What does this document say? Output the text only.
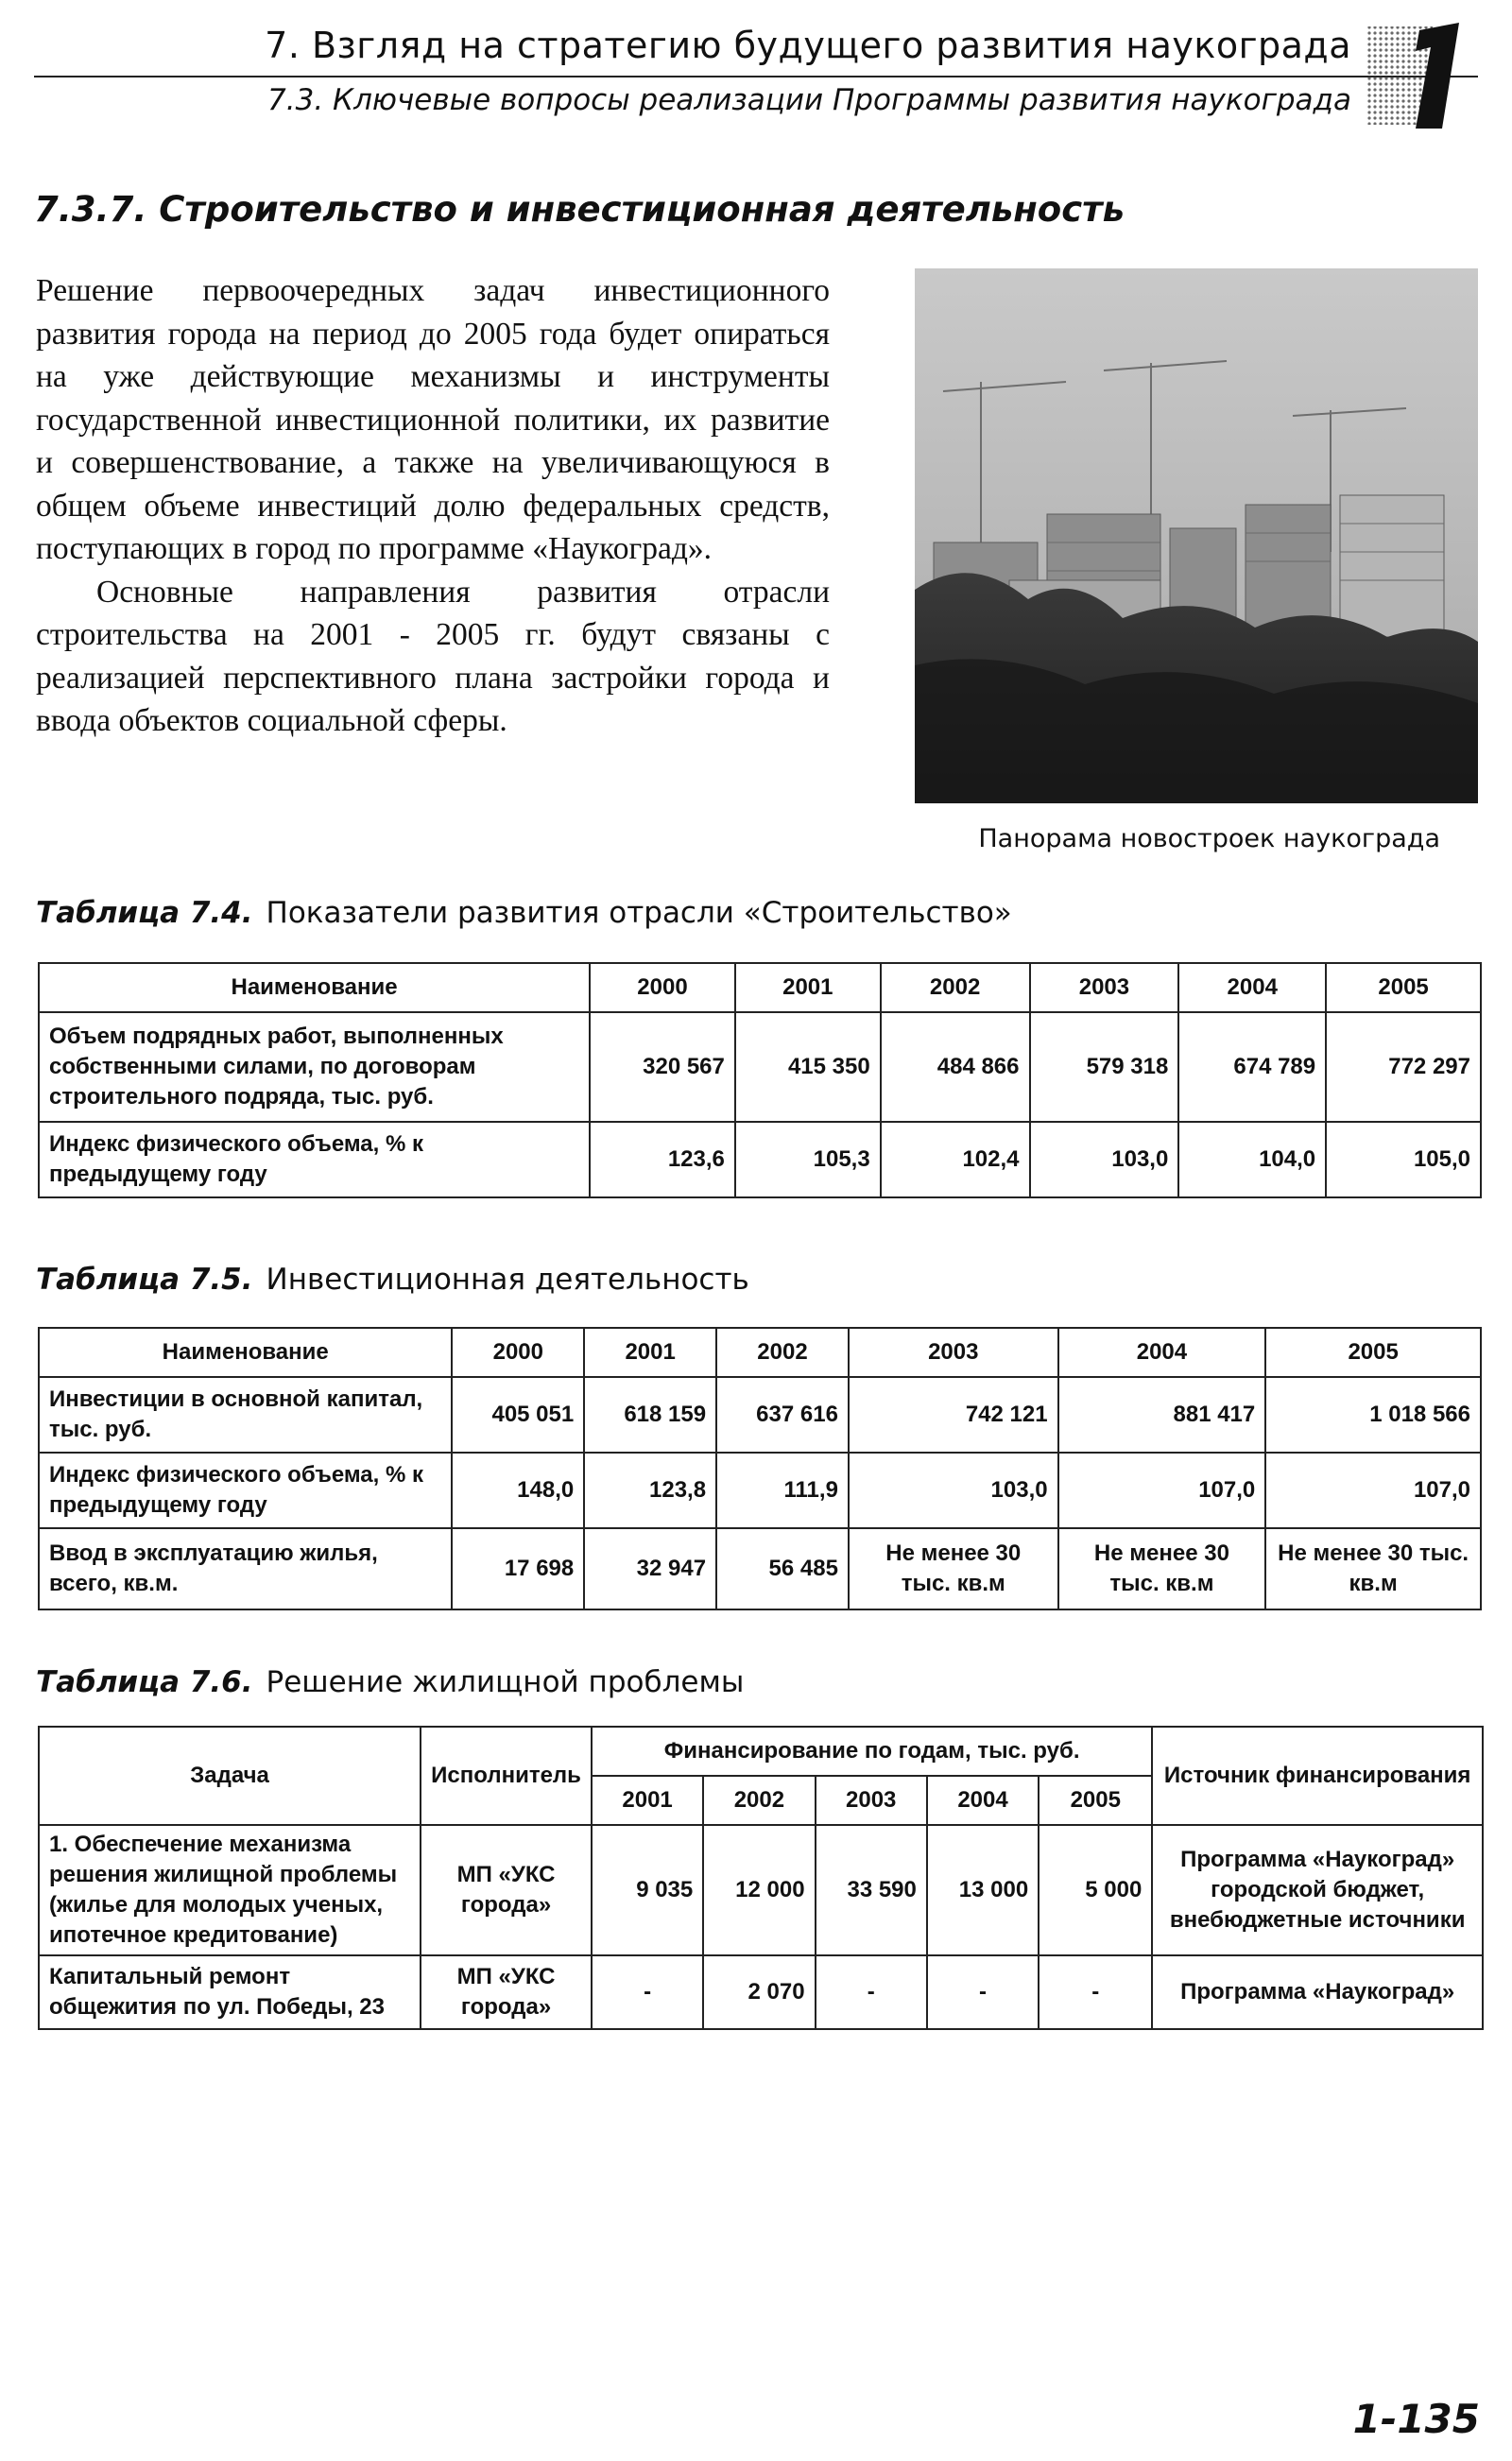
7. Взгляд на стратегию будущего развития наукограда
7.3. Ключевые вопросы реализации Программы развития наукограда
7.3.7. Строительство и инвестиционная деятельность

Решение первоочередных задач инвестиционного развития города на период до 2005 года будет опираться на уже действующие механизмы и инструменты государственной инвестиционной политики, их развитие и совершенствование, а также на увеличивающуюся в общем объеме инвестиций долю федеральных средств, поступающих в город по программе «Наукоград».

Основные направления развития отрасли строительства на 2001 - 2005 гг. будут связаны с реализацией перспективного плана застройки города и ввода объектов социальной сферы.

Панорама новостроек наукограда
Таблица 7.4. Показатели развития отрасли «Строительство»
Наименование	2000	2001	2002	2003	2004	2005
Объем подрядных работ, выполненных собственными силами, по договорам строительного подряда, тыс. руб.	320 567	415 350	484 866	579 318	674 789	772 297
Индекс физического объема, % к предыдущему году	123,6	105,3	102,4	103,0	104,0	105,0
Таблица 7.5. Инвестиционная деятельность
Наименование	2000	2001	2002	2003	2004	2005
Инвестиции в основной капитал, тыс. руб.	405 051	618 159	637 616	742 121	881 417	1 018 566
Индекс физического объема, % к предыдущему году	148,0	123,8	111,9	103,0	107,0	107,0
Ввод в эксплуатацию жилья, всего, кв.м.	17 698	32 947	56 485	Не менее 30 тыс. кв.м	Не менее 30 тыс. кв.м	Не менее 30 тыс. кв.м
Таблица 7.6. Решение жилищной проблемы
Задача	Исполнитель	Финансирование по годам, тыс. руб.					Источник финансирования
		2001	2002	2003	2004	2005	
1. Обеспечение механизма решения жилищной проблемы (жилье для молодых ученых, ипотечное кредитование)	МП «УКС города»	9 035	12 000	33 590	13 000	5 000	Программа «Наукоград» городской бюджет, внебюджетные источники
Капитальный ремонт общежития по ул. Победы, 23	МП «УКС города»	-	2 070	-	-	-	Программа «Наукоград»
1-135
